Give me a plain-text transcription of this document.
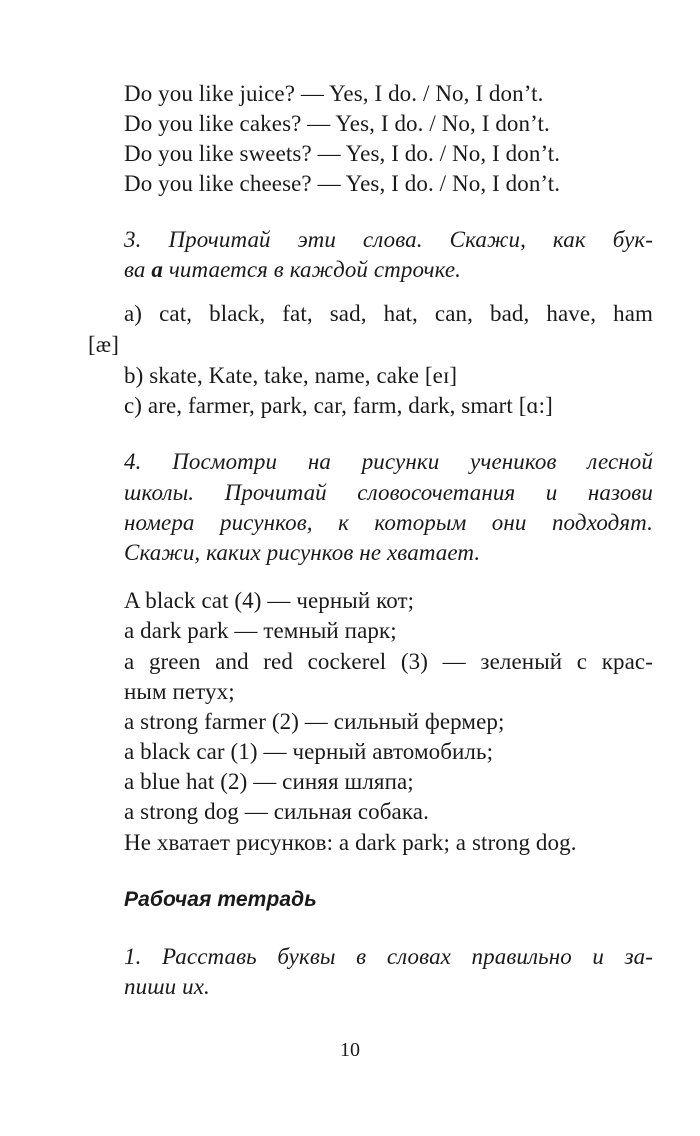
Do you like juice? — Yes, I do. / No, I don’t.
Do you like cakes? — Yes, I do. / No, I don’t.
Do you like sweets? — Yes, I do. / No, I don’t.
Do you like cheese? — Yes, I do. / No, I don’t.
3. Прочитай эти слова. Скажи, как бук-
ва a читается в каждой строчке.
a) cat, black, fat, sad, hat, can, bad, have, ham
[æ]
b) skate, Kate, take, name, cake [eɪ]
c) are, farmer, park, car, farm, dark, smart [ɑ:]
4. Посмотри на рисунки учеников лесной
школы. Прочитай словосочетания и назови
номера рисунков, к которым они подходят.
Скажи, каких рисунков не хватает.
A black cat (4) — черный кот;
a dark park — темный парк;
a green and red cockerel (3) — зеленый с крас-
ным петух;
a strong farmer (2) — сильный фермер;
a black car (1) — черный автомобиль;
a blue hat (2) — синяя шляпа;
a strong dog — сильная собака.
Не хватает рисунков: a dark park; a strong dog.
Рабочая тетрадь
1. Расставь буквы в словах правильно и за-
пиши их.
10
